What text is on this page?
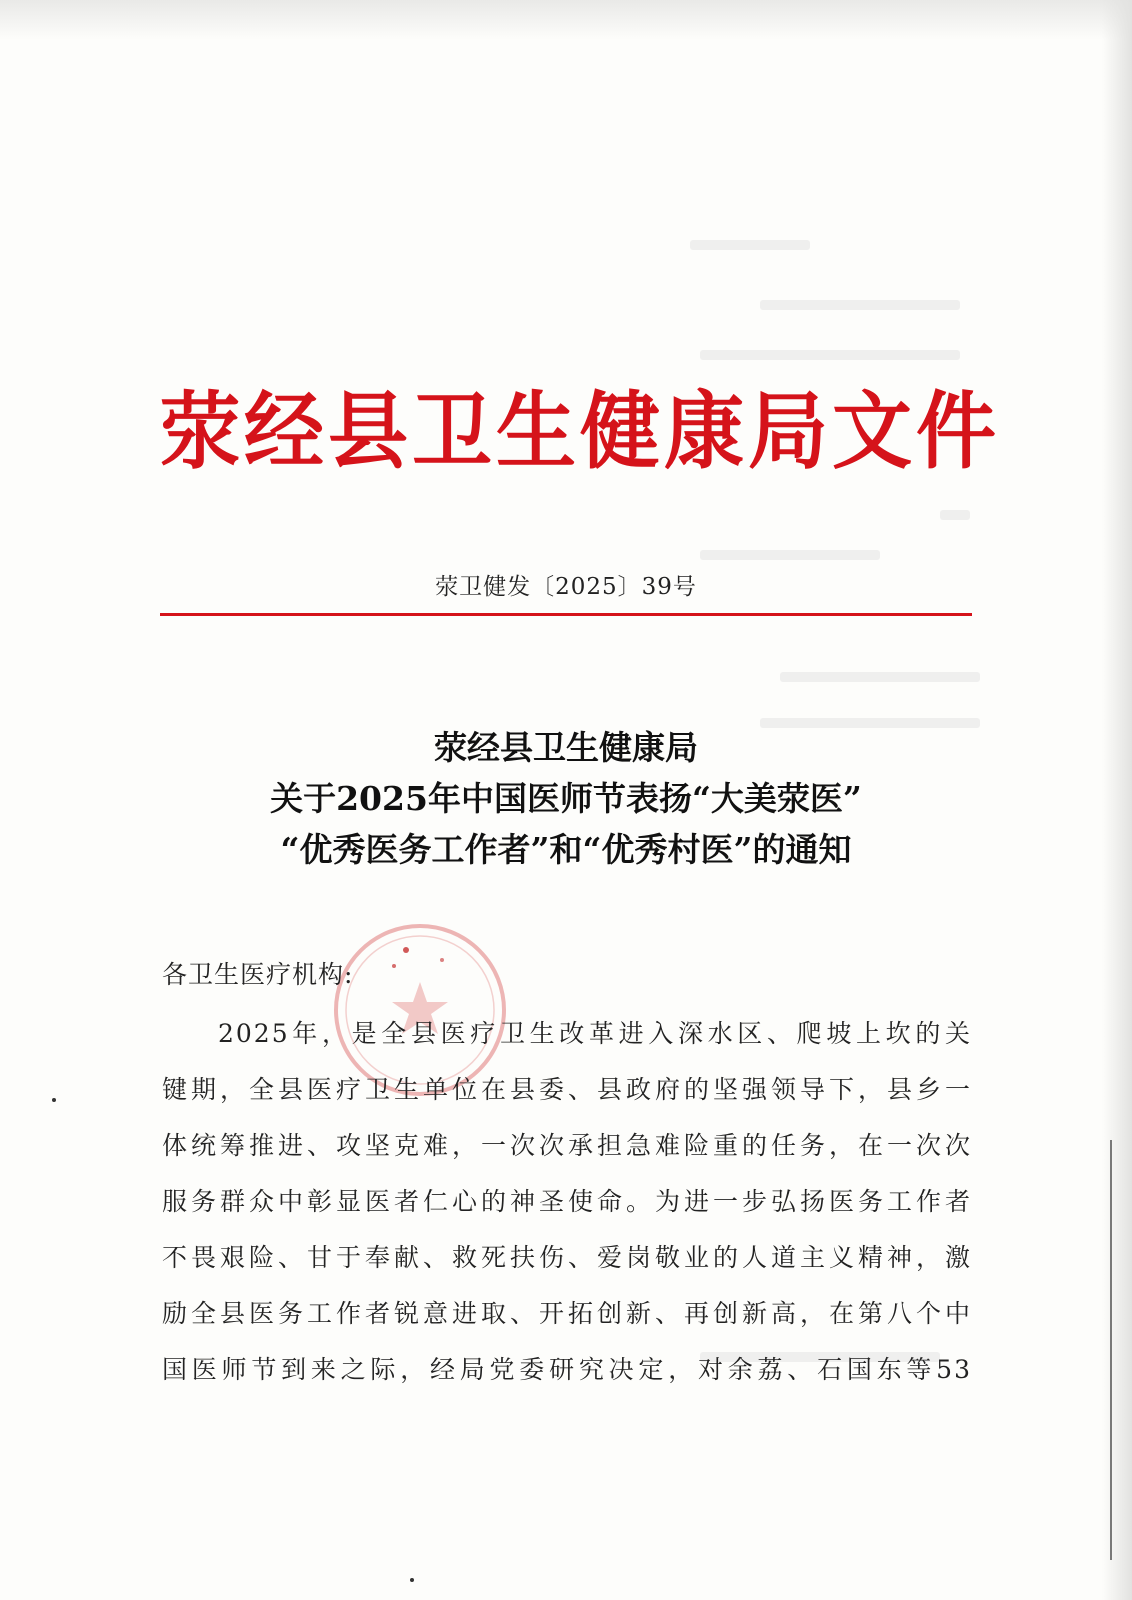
荥经县卫生健康局文件
荥卫健发〔2025〕39号
荥经县卫生健康局
关于2025年中国医师节表扬“大美荥医”
“优秀医务工作者”和“优秀村医”的通知
各卫生医疗机构:
2025年，是全县医疗卫生改革进入深水区、爬坡上坎的关
键期，全县医疗卫生单位在县委、县政府的坚强领导下，县乡一
体统筹推进、攻坚克难，一次次承担急难险重的任务，在一次次
服务群众中彰显医者仁心的神圣使命。为进一步弘扬医务工作者
不畏艰险、甘于奉献、救死扶伤、爱岗敬业的人道主义精神，激
励全县医务工作者锐意进取、开拓创新、再创新高，在第八个中
国医师节到来之际，经局党委研究决定，对余荔、石国东等53
